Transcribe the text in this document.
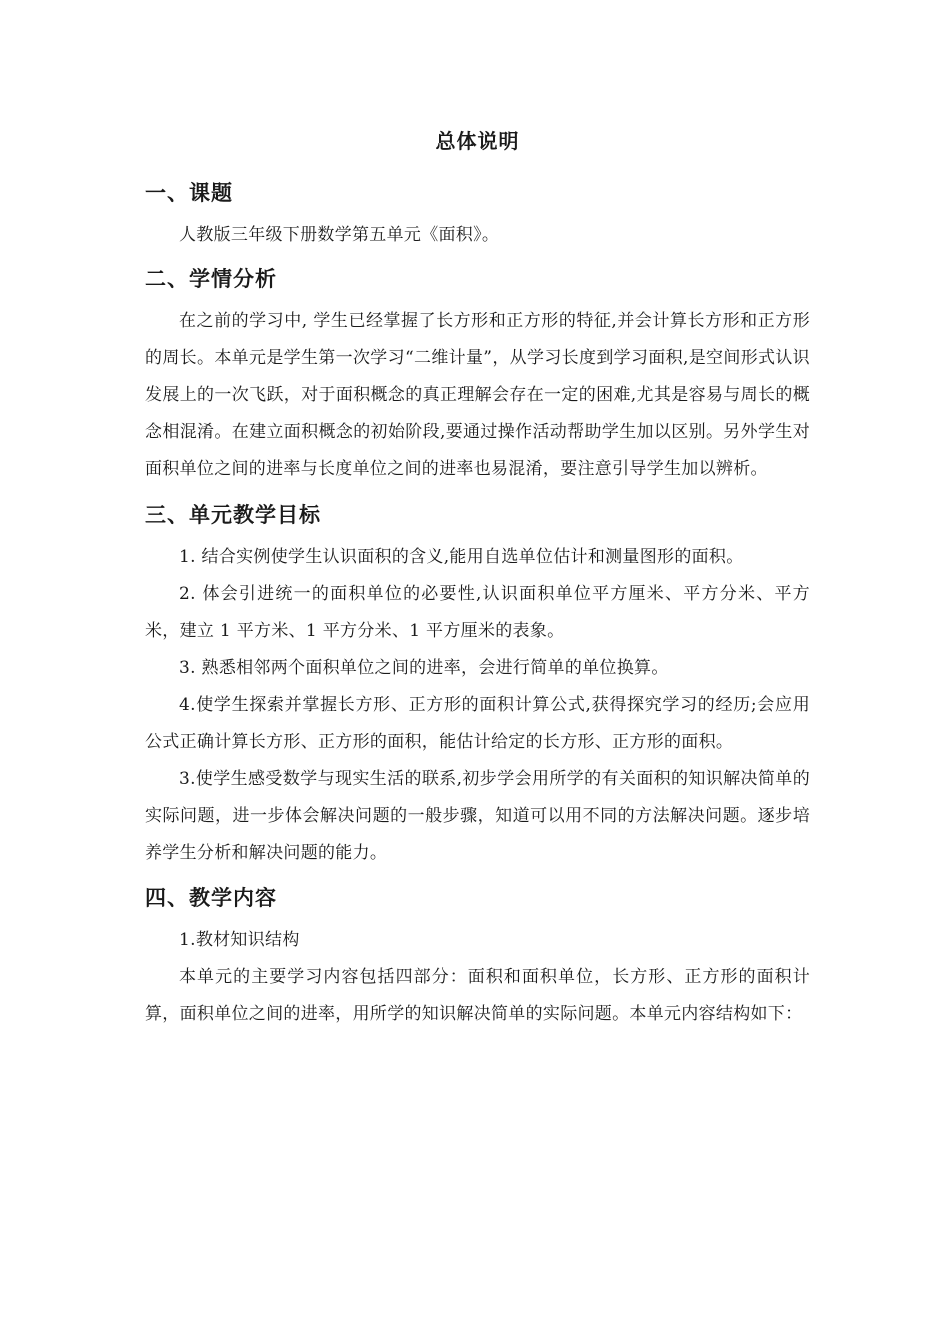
总体说明
一、课题

人教版三年级下册数学第五单元《面积》。

二、学情分析

在之前的学习中, 学生已经掌握了长方形和正方形的特征,并会计算长方形和正方形的周长。本单元是学生第一次学习“二维计量”，从学习长度到学习面积,是空间形式认识发展上的一次飞跃，对于面积概念的真正理解会存在一定的困难,尤其是容易与周长的概念相混淆。在建立面积概念的初始阶段,要通过操作活动帮助学生加以区别。另外学生对面积单位之间的进率与长度单位之间的进率也易混淆，要注意引导学生加以辨析。

三、单元教学目标

1. 结合实例使学生认识面积的含义,能用自选单位估计和测量图形的面积。

2. 体会引进统一的面积单位的必要性,认识面积单位平方厘米、平方分米、平方米，建立 1 平方米、1 平方分米、1 平方厘米的表象。

3. 熟悉相邻两个面积单位之间的进率，会进行简单的单位换算。

4.使学生探索并掌握长方形、正方形的面积计算公式,获得探究学习的经历;会应用公式正确计算长方形、正方形的面积，能估计给定的长方形、正方形的面积。

3.使学生感受数学与现实生活的联系,初步学会用所学的有关面积的知识解决简单的实际问题，进一步体会解决问题的一般步骤，知道可以用不同的方法解决问题。逐步培养学生分析和解决问题的能力。

四、教学内容

1.教材知识结构

本单元的主要学习内容包括四部分：面积和面积单位，长方形、正方形的面积计算，面积单位之间的进率，用所学的知识解决简单的实际问题。本单元内容结构如下：
